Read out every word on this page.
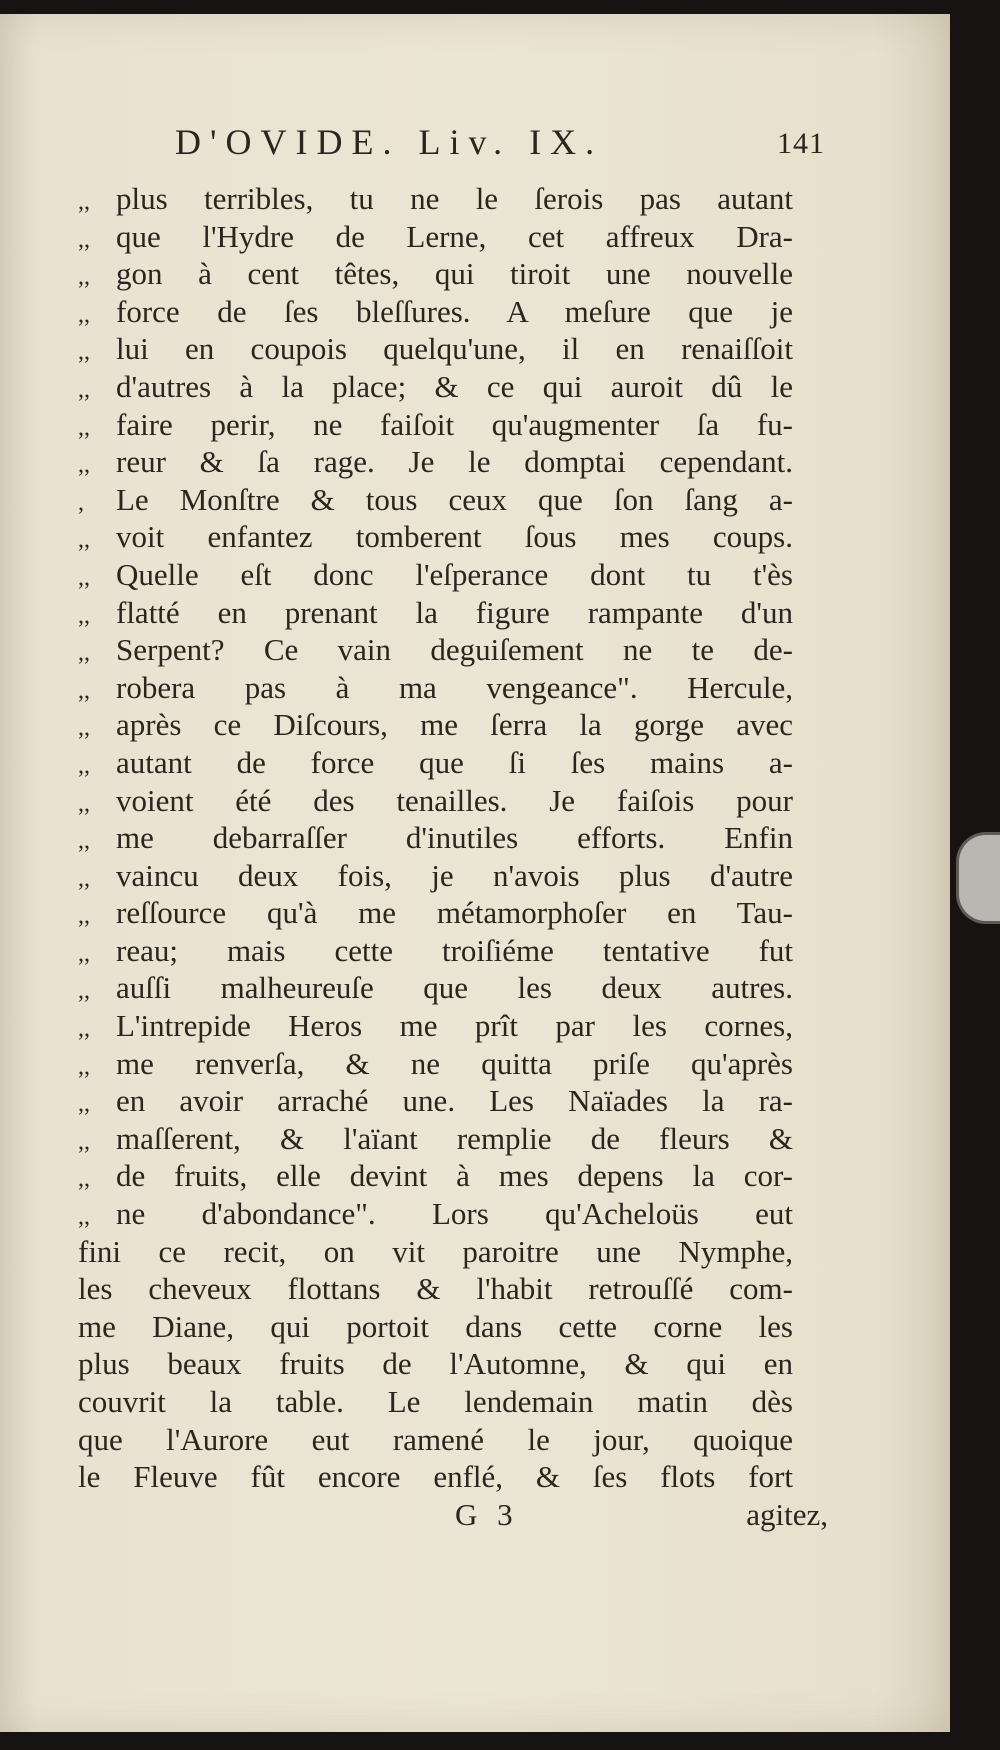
D'OVIDE. Liv. IX.	141
,, plus terribles, tu ne le ſerois pas autant
,, que l'Hydre de Lerne, cet affreux Dra-
,, gon à cent têtes, qui tiroit une nouvelle
,, force de ſes bleſſures. A meſure que je
,, lui en coupois quelqu'une, il en renaiſſoit
,, d'autres à la place; & ce qui auroit dû le
,, faire perir, ne faiſoit qu'augmenter ſa fu-
,, reur & ſa rage. Je le domptai cependant.
,	Le Monſtre & tous ceux que ſon ſang a-
,, voit enfantez tomberent ſous mes coups.
,, Quelle eſt donc l'eſperance dont tu t'ès
,, flatté en prenant la figure rampante d'un
,, Serpent? Ce vain deguiſement ne te de-
,, robera pas à ma vengeance". Hercule,
,, après ce Diſcours, me ſerra la gorge avec
,, autant de force que ſi ſes mains a-
,, voient été des tenailles. Je faiſois pour
,, me debarraſſer d'inutiles efforts. Enfin
,, vaincu deux fois, je n'avois plus d'autre
,, reſſource qu'à me métamorphoſer en Tau-
,, reau; mais cette troiſiéme tentative fut
,, auſſi malheureuſe que les deux autres.
,, L'intrepide Heros me prît par les cornes,
,, me renverſa, & ne quitta priſe qu'après
,, en avoir arraché une. Les Naïades la ra-
,, maſſerent, & l'aïant remplie de fleurs &
,, de fruits, elle devint à mes depens la cor-
,, ne d'abondance". Lors qu'Acheloüs eut
fini ce recit, on vit paroitre une Nymphe,
les cheveux flottans & l'habit retrouſſé com-
me Diane, qui portoit dans cette corne les
plus beaux fruits de l'Automne, & qui en
couvrit la table. Le lendemain matin dès
que l'Aurore eut ramené le jour, quoique
le Fleuve fût encore enflé, & ſes flots fort
G 3	agitez,
